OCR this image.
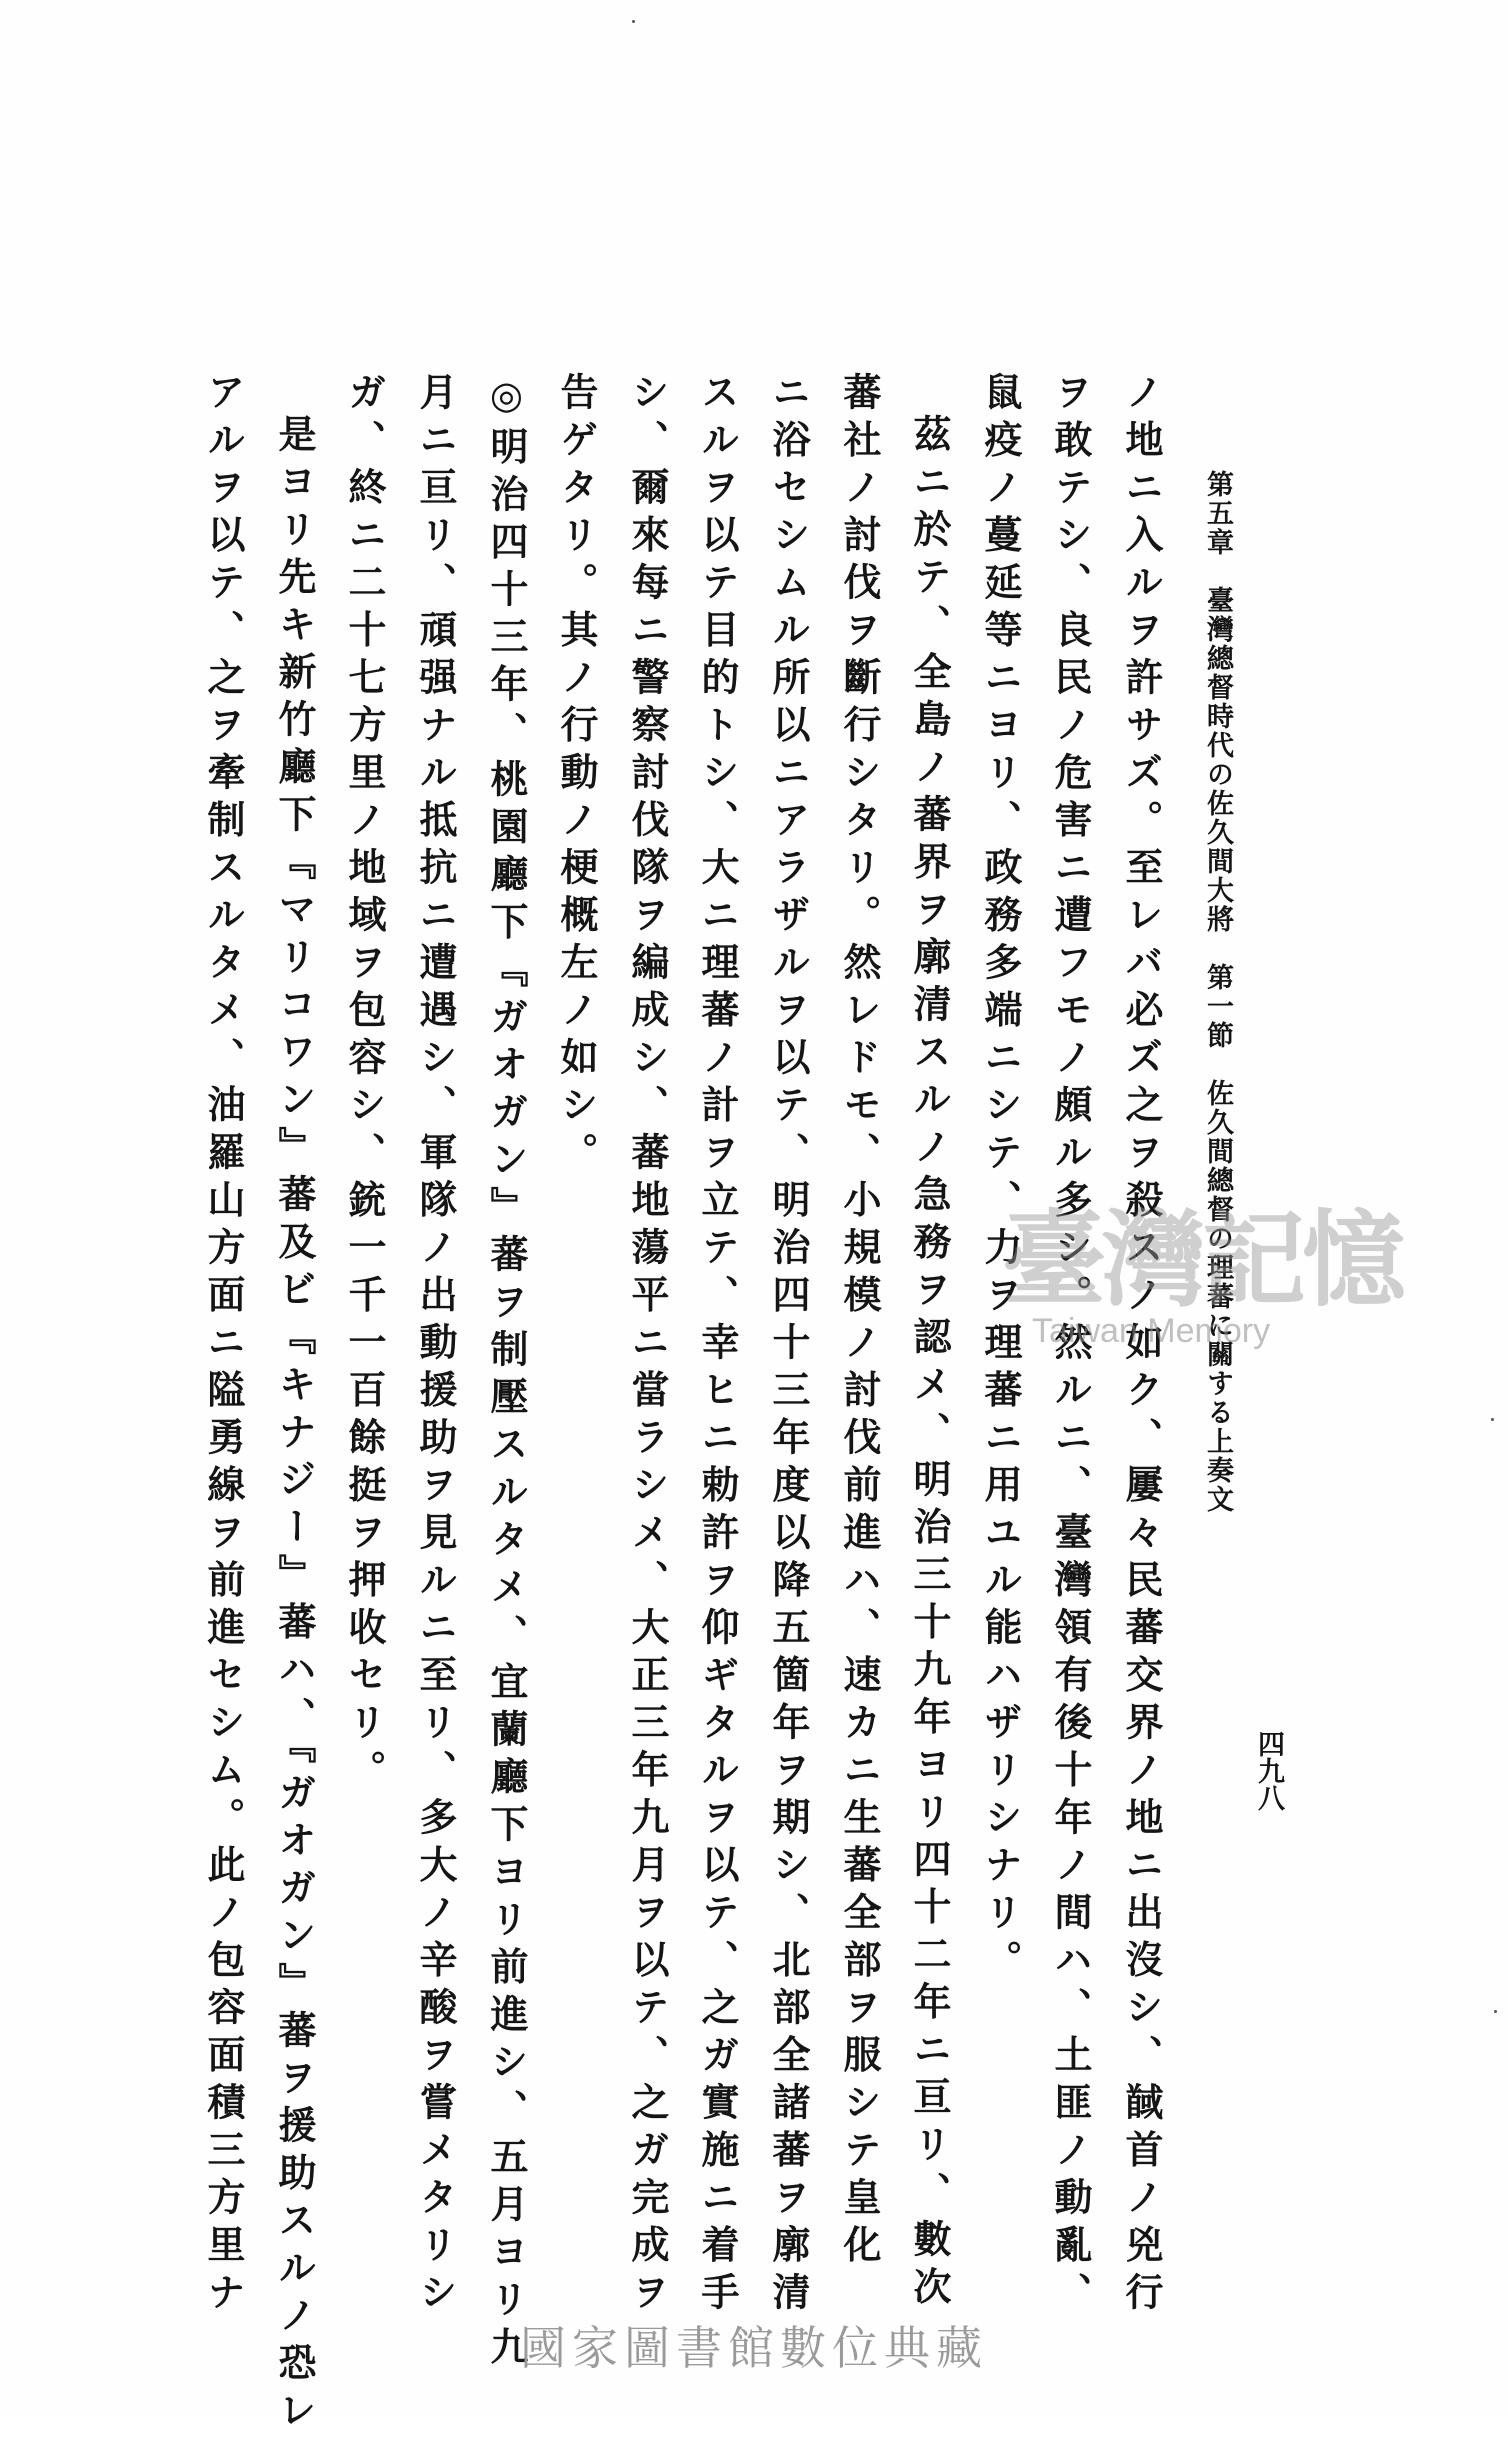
第五章　臺灣總督時代の佐久間大將　第一節　佐久間總督の理蕃に關する上奏文
四九八
ノ地ニ入ルヲ許サズ。至レバ必ズ之ヲ殺スノ如ク、屢々民蕃交界ノ地ニ出沒シ、馘首ノ兇行
ヲ敢テシ、良民ノ危害ニ遭フモノ頗ル多シ。然ルニ、臺灣領有後十年ノ間ハ、土匪ノ動亂、
鼠疫ノ蔓延等ニヨリ、政務多端ニシテ、力ヲ理蕃ニ用ユル能ハザリシナリ。
茲ニ於テ、全島ノ蕃界ヲ廓清スルノ急務ヲ認メ、明治三十九年ヨリ四十二年ニ亘リ、數次
蕃社ノ討伐ヲ斷行シタリ。然レドモ、小規模ノ討伐前進ハ、速カニ生蕃全部ヲ服シテ皇化
ニ浴セシムル所以ニアラザルヲ以テ、明治四十三年度以降五箇年ヲ期シ、北部全諸蕃ヲ廓清
スルヲ以テ目的トシ、大ニ理蕃ノ計ヲ立テ、幸ヒニ勅許ヲ仰ギタルヲ以テ、之ガ實施ニ着手
シ、爾來每ニ警察討伐隊ヲ編成シ、蕃地蕩平ニ當ラシメ、大正三年九月ヲ以テ、之ガ完成ヲ
告ゲタリ。其ノ行動ノ梗概左ノ如シ。
◎明治四十三年、桃園廳下『ガオガン』蕃ヲ制壓スルタメ、宜蘭廳下ヨリ前進シ、五月ヨリ九
月ニ亘リ、頑强ナル抵抗ニ遭遇シ、軍隊ノ出動援助ヲ見ルニ至リ、多大ノ辛酸ヲ嘗メタリシ
ガ、終ニ二十七方里ノ地域ヲ包容シ、銃一千一百餘挺ヲ押收セリ。
是ヨリ先キ新竹廳下『マリコワン』蕃及ビ『キナジー』蕃ハ、『ガオガン』蕃ヲ援助スルノ恐レ
アルヲ以テ、之ヲ牽制スルタメ、油羅山方面ニ隘勇線ヲ前進セシム。此ノ包容面積三方里ナ	臺灣記憶
Taiwan Memory
國家圖書館數位典藏
